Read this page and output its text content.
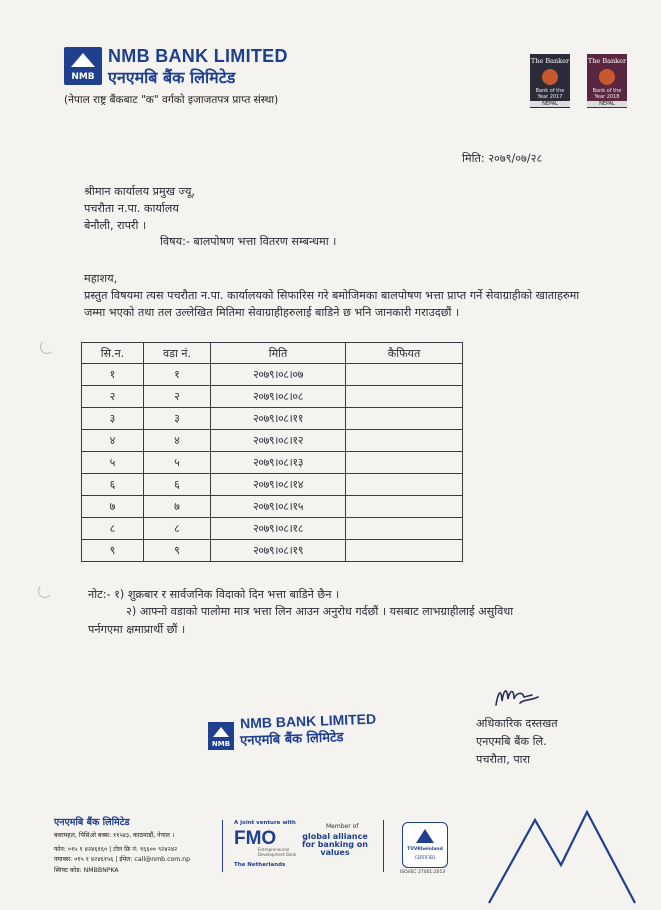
NMB
NMB BANK LIMITED
एनएमबि बैंक लिमिटेड
(नेपाल राष्ट्र बैंकबाट "क" वर्गको इजाजतपत्र प्राप्त संस्था)
The Banker
Bank of the Year 2017
NEPAL
The Banker
Bank of the Year 2018
NEPAL
मिति: २०७९/०७/२८
श्रीमान कार्यालय प्रमुख ज्यू,
पचरौता न.पा. कार्यालय
बेनौली, रापरी ।
विषय:- बालपोषण भत्ता वितरण सम्बन्धमा ।
महाशय,
प्रस्तुत विषयमा त्यस पचरौता न.पा. कार्यालयको सिफारिस गरे बमोजिमका बालपोषण भत्ता प्राप्त गर्ने सेवाग्राहीको खाताहरुमा जम्मा भएको तथा तल उल्लेखित मितिमा सेवाग्राहीहरुलाई बाडिने छ भनि जानकारी गराउदछौं ।
सि.न.	वडा नं.	मिति	कैफियत
१	१	२०७९।०८।०७	
२	२	२०७९।०८।०८	
३	३	२०७९।०८।११	
४	४	२०७९।०८।१२	
५	५	२०७९।०८।१३	
६	६	२०७९।०८।१४	
७	७	२०७९।०८।१५	
८	८	२०७९।०८।१८	
९	९	२०७९।०८।१९	
नोट:- १) शुक्रबार र सार्वजनिक विदाको दिन भत्ता बाडिने छैन ।
२) आफ्नो वडाको पालोमा मात्र भत्ता लिन आउन अनुरोध गर्दछौं । यसबाट लाभग्राहीलाई असुविधा
पर्नगएमा क्षमाप्रार्थी छौं ।
अधिकारिक दस्तखत
एनएमबि बैंक लि.
पचरौता, पारा
NMB
NMB BANK LIMITED
एनएमबि बैंक लिमिटेड
एनएमबि बैंक लिमिटेड
बबरमहल, पिसिओ बक्स: ११५४३, काठमाडौं, नेपाल ।
फोन: ०१५ १ ४२४६१६० | टोल फ्रि नं: १६६०० ९२४२४२
फ्याक्स: ०१५ १ ४२४६१५६ | ईमेल: call@nmb.com.np
स्विफ्ट कोड: NMBBNPKA
A joint venture with
FMO
Entrepreneurial Development Bank
The Netherlands
Member of
global alliance for banking on values	TÜVRheinland
CERTIFIED
ISO/IEC 27001:2013
